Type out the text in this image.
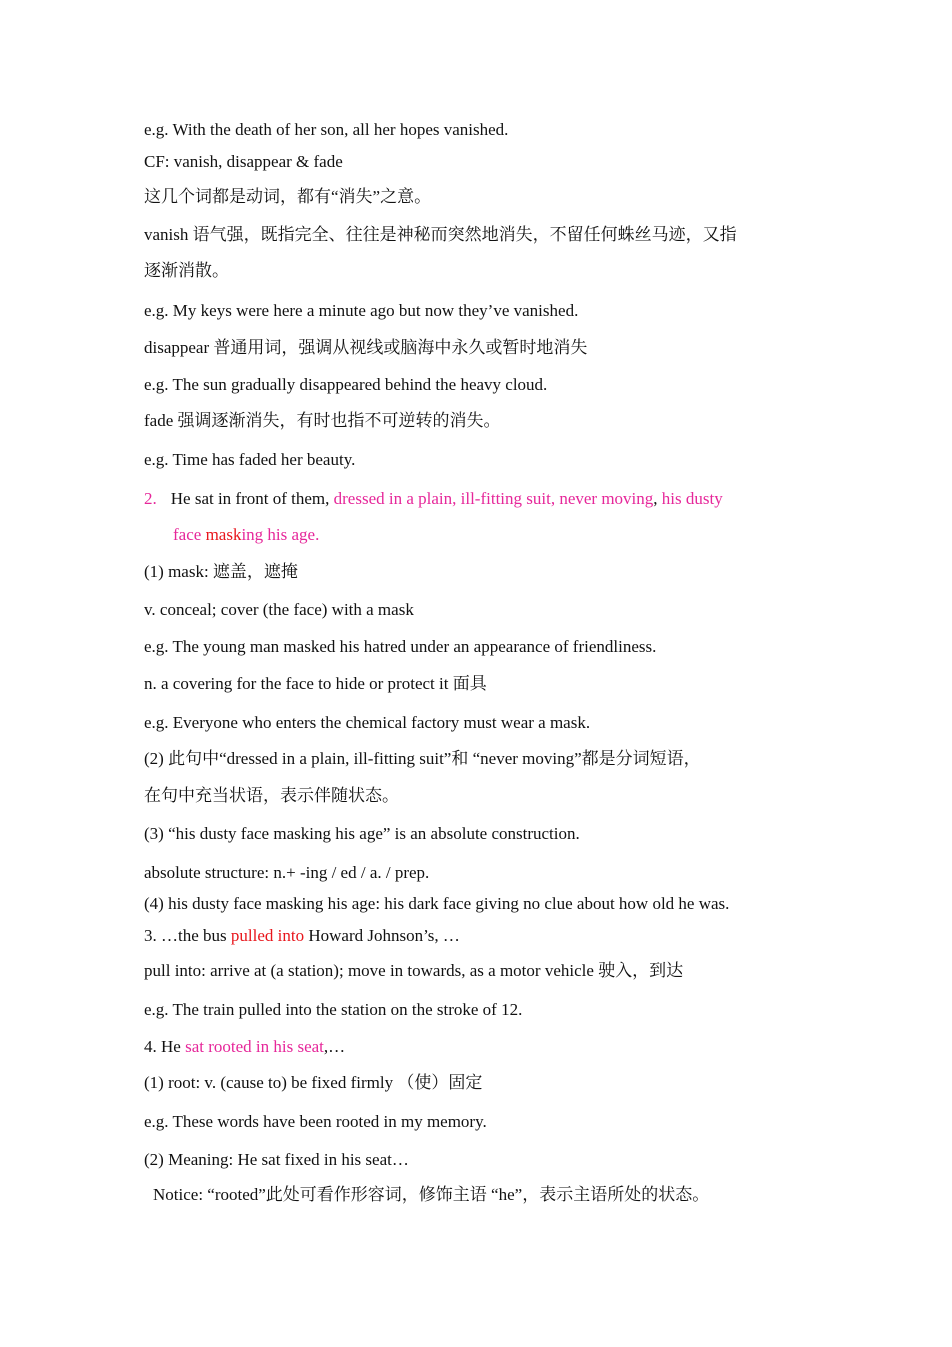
e.g. With the death of her son, all her hopes vanished.
CF: vanish, disappear & fade
这几个词都是动词，都有“消失”之意。
vanish 语气强，既指完全、往往是神秘而突然地消失，不留任何蛛丝马迹，又指
逐渐消散。
e.g. My keys were here a minute ago but now they’ve vanished.
disappear 普通用词，强调从视线或脑海中永久或暂时地消失
e.g. The sun gradually disappeared behind the heavy cloud.
fade 强调逐渐消失，有时也指不可逆转的消失。
e.g. Time has faded her beauty.
2. He sat in front of them, dressed in a plain, ill-fitting suit, never moving, his dusty
face masking his age.
(1) mask: 遮盖，遮掩
v. conceal; cover (the face) with a mask
e.g. The young man masked his hatred under an appearance of friendliness.
n. a covering for the face to hide or protect it 面具
e.g. Everyone who enters the chemical factory must wear a mask.
(2) 此句中“dressed in a plain, ill-fitting suit”和 “never moving”都是分词短语，
在句中充当状语，表示伴随状态。
(3) “his dusty face masking his age” is an absolute construction.
absolute structure: n.+ -ing / ed / a. / prep.
(4) his dusty face masking his age: his dark face giving no clue about how old he was.
3. …the bus pulled into Howard Johnson’s, …
pull into: arrive at (a station); move in towards, as a motor vehicle 驶入，到达
e.g. The train pulled into the station on the stroke of 12.
4. He sat rooted in his seat,…
(1) root: v. (cause to) be fixed firmly （使）固定
e.g. These words have been rooted in my memory.
(2) Meaning: He sat fixed in his seat…
Notice: “rooted”此处可看作形容词，修饰主语 “he”，表示主语所处的状态。
